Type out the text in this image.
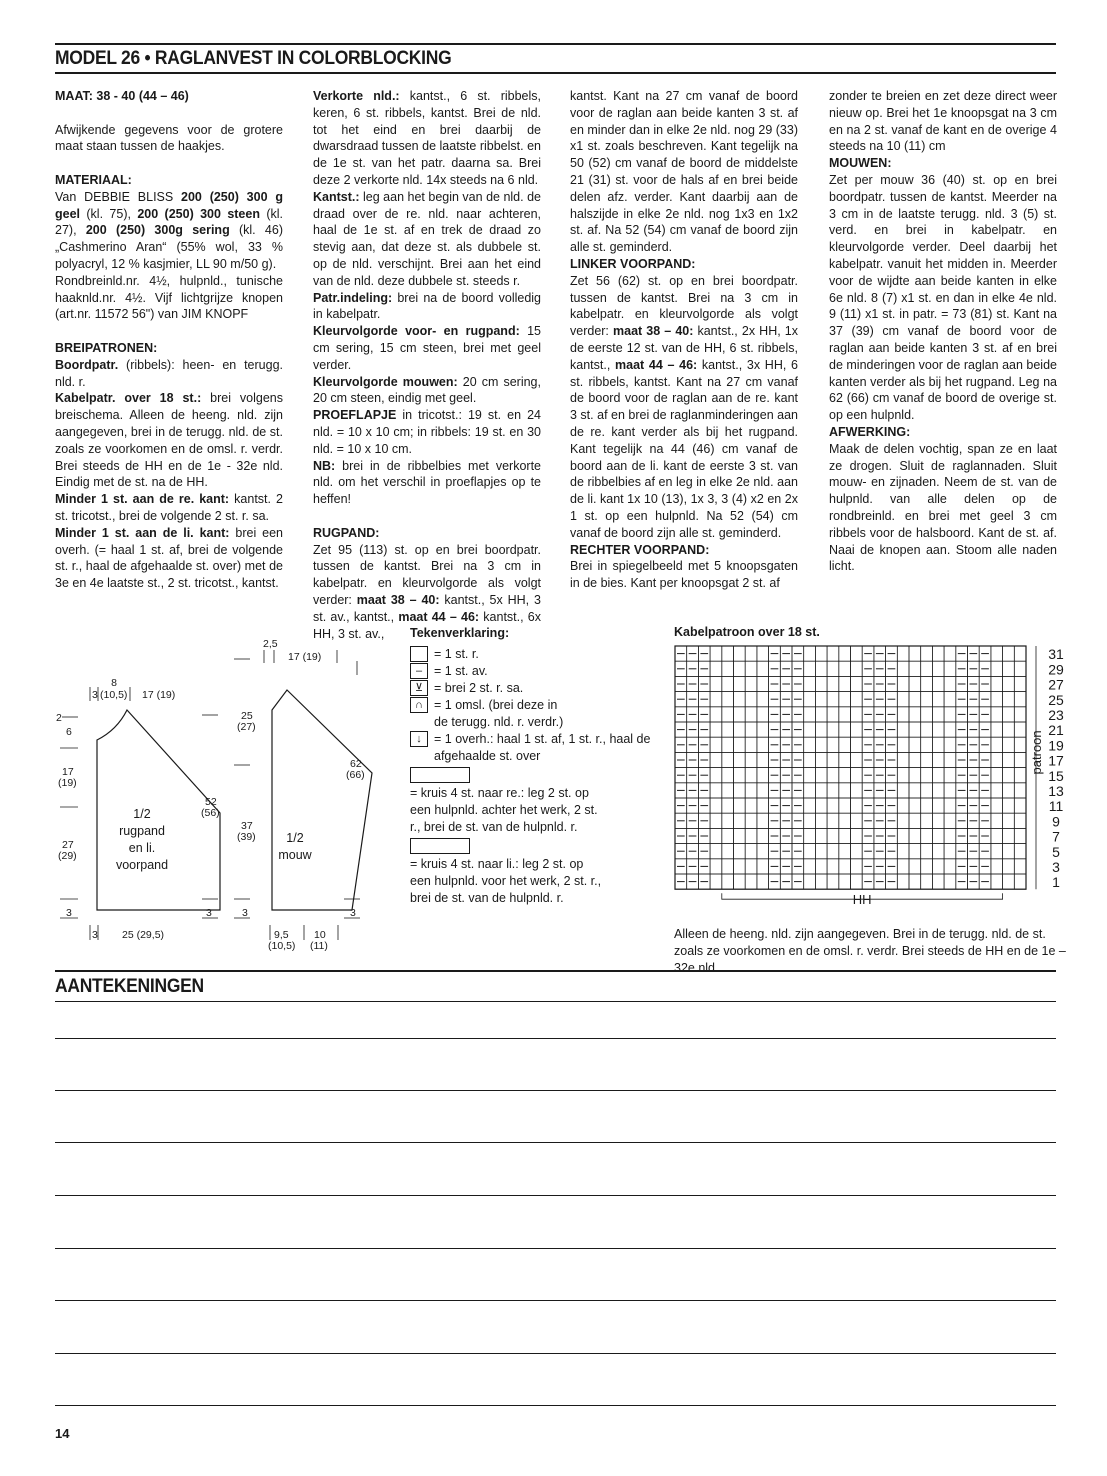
MODEL 26 • RAGLANVEST IN COLORBLOCKING

MAAT: 38 - 40 (44 – 46)

Afwijkende gegevens voor de grotere maat staan tussen de haakjes.

MATERIAAL:

Van DEBBIE BLISS 200 (250) 300 g geel (kl. 75), 200 (250) 300 steen (kl. 27), 200 (250) 300g sering (kl. 46) „Cashmerino Aran“ (55% wol, 33 % polyacryl, 12 % kasjmier, LL 90 m/50 g).

Rondbreinld.nr. 4½, hulpnld., tunische haaknld.nr. 4½. Vijf lichtgrijze knopen (art.nr. 11572 56") van JIM KNOPF

BREIPATRONEN:

Boordpatr. (ribbels): heen- en terugg. nld. r.

Kabelpatr. over 18 st.: brei volgens breischema. Alleen de heeng. nld. zijn aangegeven, brei in de terugg. nld. de st. zoals ze voorkomen en de omsl. r. verdr. Brei steeds de HH en de 1e - 32e nld. Eindig met de st. na de HH.

Minder 1 st. aan de re. kant: kantst. 2 st. tricotst., brei de volgende 2 st. r. sa.

Minder 1 st. aan de li. kant: brei een overh. (= haal 1 st. af, brei de volgende st. r., haal de afgehaalde st. over) met de 3e en 4e laatste st., 2 st. tricotst., kantst.

Verkorte nld.: kantst., 6 st. ribbels, keren, 6 st. ribbels, kantst. Brei de nld. tot het eind en brei daarbij de dwarsdraad tussen de laatste ribbelst. en de 1e st. van het patr. daarna sa. Brei deze 2 verkorte nld. 14x steeds na 6 nld.

Kantst.: leg aan het begin van de nld. de draad over de re. nld. naar achteren, haal de 1e st. af en trek de draad zo stevig aan, dat deze st. als dubbele st. op de nld. verschijnt. Brei aan het eind van de nld. deze dubbele st. steeds r.

Patr.indeling: brei na de boord volledig in kabelpatr.

Kleurvolgorde voor- en rugpand: 15 cm sering, 15 cm steen, brei met geel verder.

Kleurvolgorde mouwen: 20 cm sering, 20 cm steen, eindig met geel.

PROEFLAPJE in tricotst.: 19 st. en 24 nld. = 10 x 10 cm; in ribbels: 19 st. en 30 nld. = 10 x 10 cm.

NB: brei in de ribbelbies met verkorte nld. om het verschil in proeflapjes op te heffen!

RUGPAND:

Zet 95 (113) st. op en brei boordpatr. tussen de kantst. Brei na 3 cm in kabelpatr. en kleurvolgorde als volgt verder: maat 38 – 40: kantst., 5x HH, 3 st. av., kantst., maat 44 – 46: kantst., 6x HH, 3 st. av.,

kantst. Kant na 27 cm vanaf de boord voor de raglan aan beide kanten 3 st. af en minder dan in elke 2e nld. nog 29 (33) x1 st. zoals beschreven. Kant tegelijk na 50 (52) cm vanaf de boord de middelste 21 (31) st. voor de hals af en brei beide delen afz. verder. Kant daarbij aan de halszijde in elke 2e nld. nog 1x3 en 1x2 st. af. Na 52 (54) cm vanaf de boord zijn alle st. geminderd.

LINKER VOORPAND:

Zet 56 (62) st. op en brei boordpatr. tussen de kantst. Brei na 3 cm in kabelpatr. en kleurvolgorde als volgt verder: maat 38 – 40: kantst., 2x HH, 1x de eerste 12 st. van de HH, 6 st. ribbels, kantst., maat 44 – 46: kantst., 3x HH, 6 st. ribbels, kantst. Kant na 27 cm vanaf de boord voor de raglan aan de re. kant 3 st. af en brei de raglanminderingen aan de re. kant verder als bij het rugpand. Kant tegelijk na 44 (46) cm vanaf de boord aan de li. kant de eerste 3 st. van de ribbelbies af en leg in elke 2e nld. aan de li. kant 1x 10 (13), 1x 3, 3 (4) x2 en 2x 1 st. op een hulpnld. Na 52 (54) cm vanaf de boord zijn alle st. geminderd.

RECHTER VOORPAND:

Brei in spiegelbeeld met 5 knoopsgaten in de bies. Kant per knoopsgat 2 st. af

zonder te breien en zet deze direct weer nieuw op. Brei het 1e knoopsgat na 3 cm en na 2 st. vanaf de kant en de overige 4 steeds na 10 (11) cm

MOUWEN:

Zet per mouw 36 (40) st. op en brei boordpatr. tussen de kantst. Meerder na 3 cm in de laatste terugg. nld. 3 (5) st. verd. en brei in kabelpatr. en kleurvolgorde verder. Deel daarbij het kabelpatr. vanuit het midden in. Meerder voor de wijdte aan beide kanten in elke 6e nld. 8 (7) x1 st. en dan in elke 4e nld. 9 (11) x1 st. in patr. = 73 (81) st. Kant na 37 (39) cm vanaf de boord voor de raglan aan beide kanten 3 st. af en brei de minderingen voor de raglan aan beide kanten verder als bij het rugpand. Leg na 62 (66) cm vanaf de boord de overige st. op een hulpnld.

AFWERKING:

Maak de delen vochtig, span ze en laat ze drogen. Sluit de raglannaden. Sluit mouw- en zijnaden. Neem de st. van de hulpnld. van alle delen op de rondbreinld. en brei met geel 3 cm ribbels voor de halsboord. Kant de st. af. Naai de knopen aan. Stoom alle naden licht.

1/2
rugpand
en li.
voorpand
1/2
mouw
8
3 (10,5) 17 (19)
2
6
17
(19)
27
(29)
3
52
(56)
3
3 25 (29,5)
2,5
17 (19)
25
(27)
37
(39)
3
62
(66)
3
9,5
(10,5)
10
(11)
Tekenverklaring:
= 1 st. r.
– = 1 st. av.
⊻ = brei 2 st. r. sa.
∩ = 1 omsl. (brei deze in
de terugg. nld. r. verdr.)
↓ = 1 overh.: haal 1 st. af, 1 st. r., haal de
afgehaalde st. over
= kruis 4 st. naar re.: leg 2 st. op
een hulpnld. achter het werk, 2 st.
r., brei de st. van de hulpnld. r.
= kruis 4 st. naar li.: leg 2 st. op
een hulpnld. voor het werk, 2 st. r.,
brei de st. van de hulpnld. r.
Kabelpatroon over 18 st.
31
29
27
25
23
21
19
17
15
13
11
9
7
5
3
1
patroon
HH
Alleen de heeng. nld. zijn aangegeven. Brei in de terugg. nld. de st. zoals ze voorkomen en de omsl. r. verdr. Brei steeds de HH en de 1e – 32e nld.
AANTEKENINGEN
14
